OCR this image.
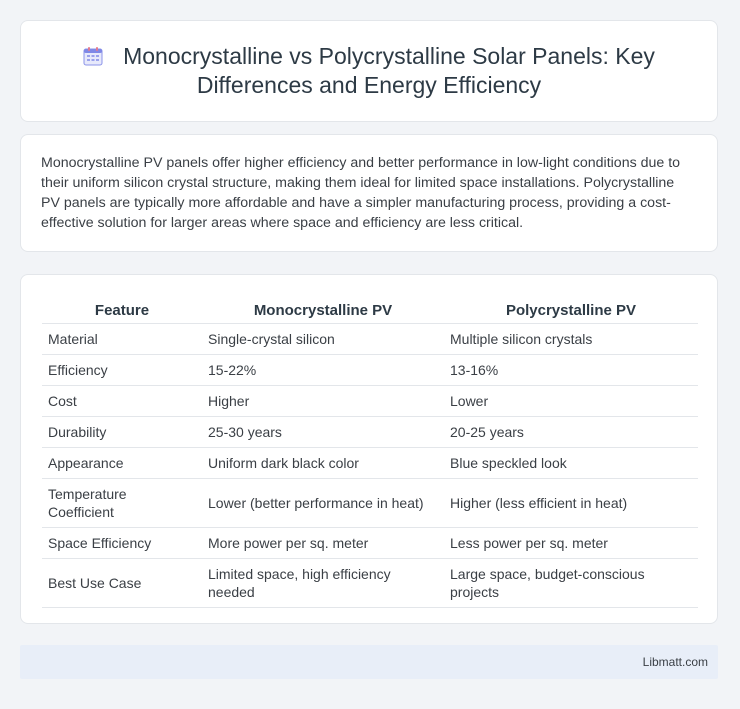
Monocrystalline vs Polycrystalline Solar Panels: Key Differences and Energy Efficiency

Monocrystalline PV panels offer higher efficiency and better performance in low-light conditions due to their uniform silicon crystal structure, making them ideal for limited space installations. Polycrystalline PV panels are typically more affordable and have a simpler manufacturing process, providing a cost-effective solution for larger areas where space and efficiency are less critical.

Feature	Monocrystalline PV	Polycrystalline PV
Material	Single-crystal silicon	Multiple silicon crystals
Efficiency	15-22%	13-16%
Cost	Higher	Lower
Durability	25-30 years	20-25 years
Appearance	Uniform dark black color	Blue speckled look
Temperature Coefficient	Lower (better performance in heat)	Higher (less efficient in heat)
Space Efficiency	More power per sq. meter	Less power per sq. meter
Best Use Case	Limited space, high efficiency needed	Large space, budget-conscious projects
Libmatt.com
